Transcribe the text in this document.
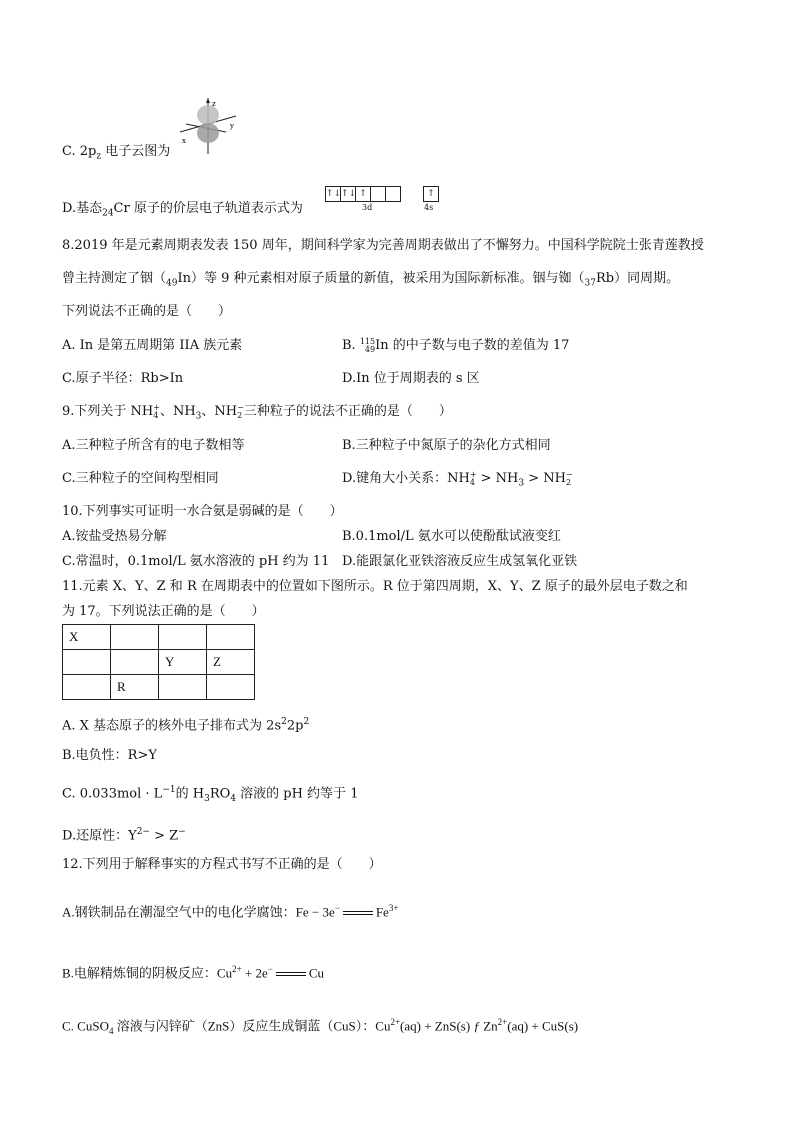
C. $2p_z$ 电子云图为
z
y
x
D.基态$_{24}$Cr 原子的价层电子轨道表示式为
↑↓↑↓ ↑	↑
3d	4s
8.2019 年是元素周期表发表 150 周年，期间科学家为完善周期表做出了不懈努力。中国科学院院士张青莲教授
曾主持测定了铟$(_{49}In)$等 9 种元素相对原子质量的新值，被采用为国际新标准。铟与铷$(_{37}Rb)$同周期。
下列说法不正确的是（　　）
A. In 是第五周期第 IIA 族元素	B. 115
49In 的中子数与电子数的差值为 17
C.原子半径：Rb>In	D.In 位于周期表的 s 区
9.下列关于 NH+
4 、$NH_3$、NH−
2 三种粒子的说法不正确的是（　　）
A.三种粒子所含有的电子数相等	B.三种粒子中氮原子的杂化方式相同
C.三种粒子的空间构型相同	D.键角大小关系：NH+
$4 > NH_3 > NH-$
2
10.下列事实可证明一水合氨是弱碱的是（　　）
A.铵盐受热易分解	B.0.1mol/L 氨水可以使酚酞试液变红
C.常温时，0.1mol/L 氨水溶液的 pH 约为 11 D.能跟氯化亚铁溶液反应生成氢氧化亚铁
11.元素 X、Y、Z 和 R 在周期表中的位置如下图所示。R 位于第四周期，X、Y、Z 原子的最外层电子数之和
为 17。下列说法正确的是（　　）
X			
		Y	Z
	R		
A. X 基态原子的核外电子排布式为 $2s^22p^2$
B.电负性：R>Y
C. $0.033mol \cdot L^{-1}$的 $H_3RO_4$ 溶液的 pH 约等于 1
D.还原性：$Y^{2-} > Z^-$
12.下列用于解释事实的方程式书写不正确的是（　　）
A.钢铁制品在潮湿空气中的电化学腐蚀：Fe − 3e−	$Fe^{3+}$
B.电解精炼铜的阴极反应：$Cu^{2+} + 2e^-$	Cu
C. CuSO$_4$ 溶液与闪锌矿（ZnS）反应生成铜蓝（CuS）：$Cu^{2+}(aq) + ZnS(s)$ ƒ $Zn^{2+}(aq) + CuS(s)$
